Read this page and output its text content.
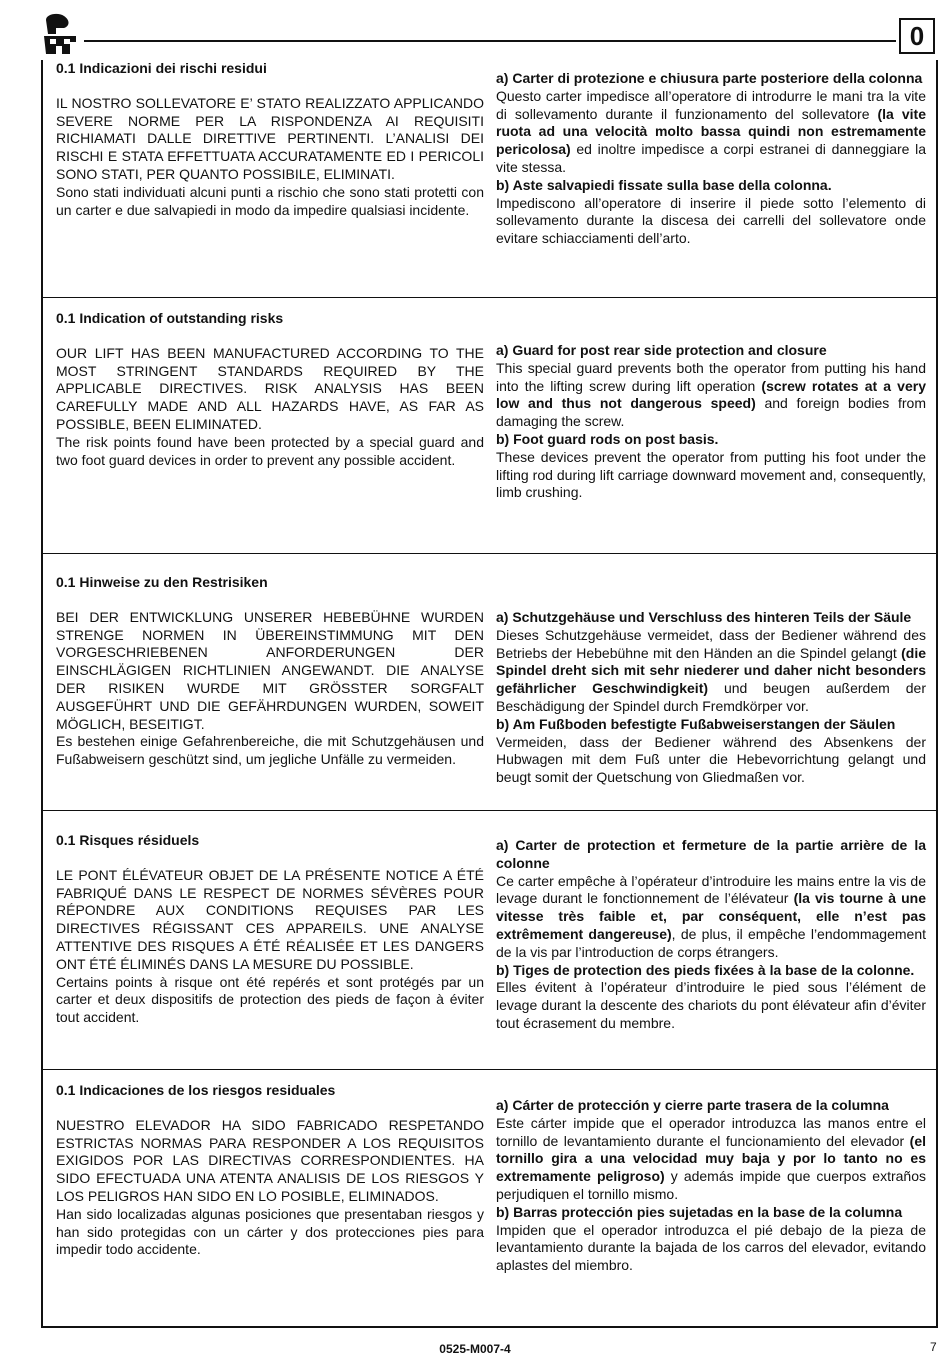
0

0.1 Indicazioni dei rischi residui

IL NOSTRO SOLLEVATORE E’ STATO REALIZZATO APPLICANDO SEVERE NORME PER LA RISPONDENZA AI REQUISITI RICHIAMATI DALLE DIRETTIVE PERTINENTI. L’ANALISI DEI RISCHI E STATA EFFETTUATA ACCURATAMENTE ED I PERICOLI SONO STATI, PER QUANTO POSSIBILE, ELIMINATI.

Sono stati individuati alcuni punti a rischio che sono stati protetti con un carter e due salvapiedi in modo da impedire qualsiasi incidente.

a) Carter di protezione e chiusura parte posteriore della colonna

Questo carter impedisce all’operatore di introdurre le mani tra la vite di sollevamento durante il funzionamento del sollevatore (la vite ruota ad una velocità molto bassa quindi non estremamente pericolosa) ed inoltre impedisce a corpi estranei di danneggiare la vite stessa.

b) Aste salvapiedi fissate sulla base della colonna.

Impediscono all’operatore di inserire il piede sotto l’elemento di sollevamento durante la discesa dei carrelli del sollevatore onde evitare schiacciamenti dell’arto.

0.1 Indication of outstanding risks

OUR LIFT HAS BEEN MANUFACTURED ACCORDING TO THE MOST STRINGENT STANDARDS REQUIRED BY THE APPLICABLE DIRECTIVES. RISK ANALYSIS HAS BEEN CAREFULLY MADE AND ALL HAZARDS HAVE, AS FAR AS POSSIBLE, BEEN ELIMINATED.

The risk points found have been protected by a special guard and two foot guard devices in order to prevent any possible accident.

a) Guard for post rear side protection and closure

This special guard prevents both the operator from putting his hand into the lifting screw during lift operation (screw rotates at a very low and thus not dangerous speed) and foreign bodies from damaging the screw.

b) Foot guard rods on post basis.

These devices prevent the operator from putting his foot under the lifting rod during lift carriage downward movement and, consequently, limb crushing.

0.1 Hinweise zu den Restrisiken

BEI DER ENTWICKLUNG UNSERER HEBEBÜHNE WURDEN STRENGE NORMEN IN ÜBEREINSTIMMUNG MIT DEN VORGESCHRIEBENEN ANFORDERUNGEN DER EINSCHLÄGIGEN RICHTLINIEN ANGEWANDT. DIE ANALYSE DER RISIKEN WURDE MIT GRÖSSTER SORGFALT AUSGEFÜHRT UND DIE GEFÄHRDUNGEN WURDEN, SOWEIT MÖGLICH, BESEITIGT.

Es bestehen einige Gefahrenbereiche, die mit Schutzgehäusen und Fußabweisern geschützt sind, um jegliche Unfälle zu vermeiden.

a) Schutzgehäuse und Verschluss des hinteren Teils der Säule

Dieses Schutzgehäuse vermeidet, dass der Bediener während des Betriebs der Hebebühne mit den Händen an die Spindel gelangt (die Spindel dreht sich mit sehr niederer und daher nicht besonders gefährlicher Geschwindigkeit) und beugen außerdem der Beschädigung der Spindel durch Fremdkörper vor.

b) Am Fußboden befestigte Fußabweiserstangen der Säulen

Vermeiden, dass der Bediener während des Absenkens der Hubwagen mit dem Fuß unter die Hebevorrichtung gelangt und beugt somit der Quetschung von Gliedmaßen vor.

0.1 Risques résiduels

LE PONT ÉLÉVATEUR OBJET DE LA PRÉSENTE NOTICE A ÉTÉ FABRIQUÉ DANS LE RESPECT DE NORMES SÉVÈRES POUR RÉPONDRE AUX CONDITIONS REQUISES PAR LES DIRECTIVES RÉGISSANT CES APPAREILS. UNE ANALYSE ATTENTIVE DES RISQUES A ÉTÉ RÉALISÉE ET LES DANGERS ONT ÉTÉ ÉLIMINÉS DANS LA MESURE DU POSSIBLE.

Certains points à risque ont été repérés et sont protégés par un carter et deux dispositifs de protection des pieds de façon à éviter tout accident.

a) Carter de protection et fermeture de la partie arrière de la colonne

Ce carter empêche à l’opérateur d’introduire les mains entre la vis de levage durant le fonctionnement de l’élévateur (la vis tourne à une vitesse très faible et, par conséquent, elle n’est pas extrêmement dangereuse), de plus, il empêche l’endommagement de la vis par l’introduction de corps étrangers.

b) Tiges de protection des pieds fixées à la base de la colonne.

Elles évitent à l’opérateur d’introduire le pied sous l’élément de levage durant la descente des chariots du pont élévateur afin d’éviter tout écrasement du membre.

0.1 Indicaciones de los riesgos residuales

NUESTRO ELEVADOR HA SIDO FABRICADO RESPETANDO ESTRICTAS NORMAS PARA RESPONDER A LOS REQUISITOS EXIGIDOS POR LAS DIRECTIVAS CORRESPONDIENTES. HA SIDO EFECTUADA UNA ATENTA ANALISIS DE LOS RIESGOS Y LOS PELIGROS HAN SIDO EN LO POSIBLE, ELIMINADOS.

Han sido localizadas algunas posiciones que presentaban riesgos y han sido protegidas con un cárter y dos protecciones pies para impedir todo accidente.

a) Cárter de protección y cierre parte trasera de la columna

Este cárter impide que el operador introduzca las manos entre el tornillo de levantamiento durante el funcionamiento del elevador (el tornillo gira a una velocidad muy baja y por lo tanto no es extremamente peligroso) y además impide que cuerpos extraños perjudiquen el tornillo mismo.

b) Barras protección pies sujetadas en la base de la columna

Impiden que el operador introduzca el pié debajo de la pieza de levantamiento durante la bajada de los carros del elevador, evitando aplastes del miembro.

0525-M007-4	7
